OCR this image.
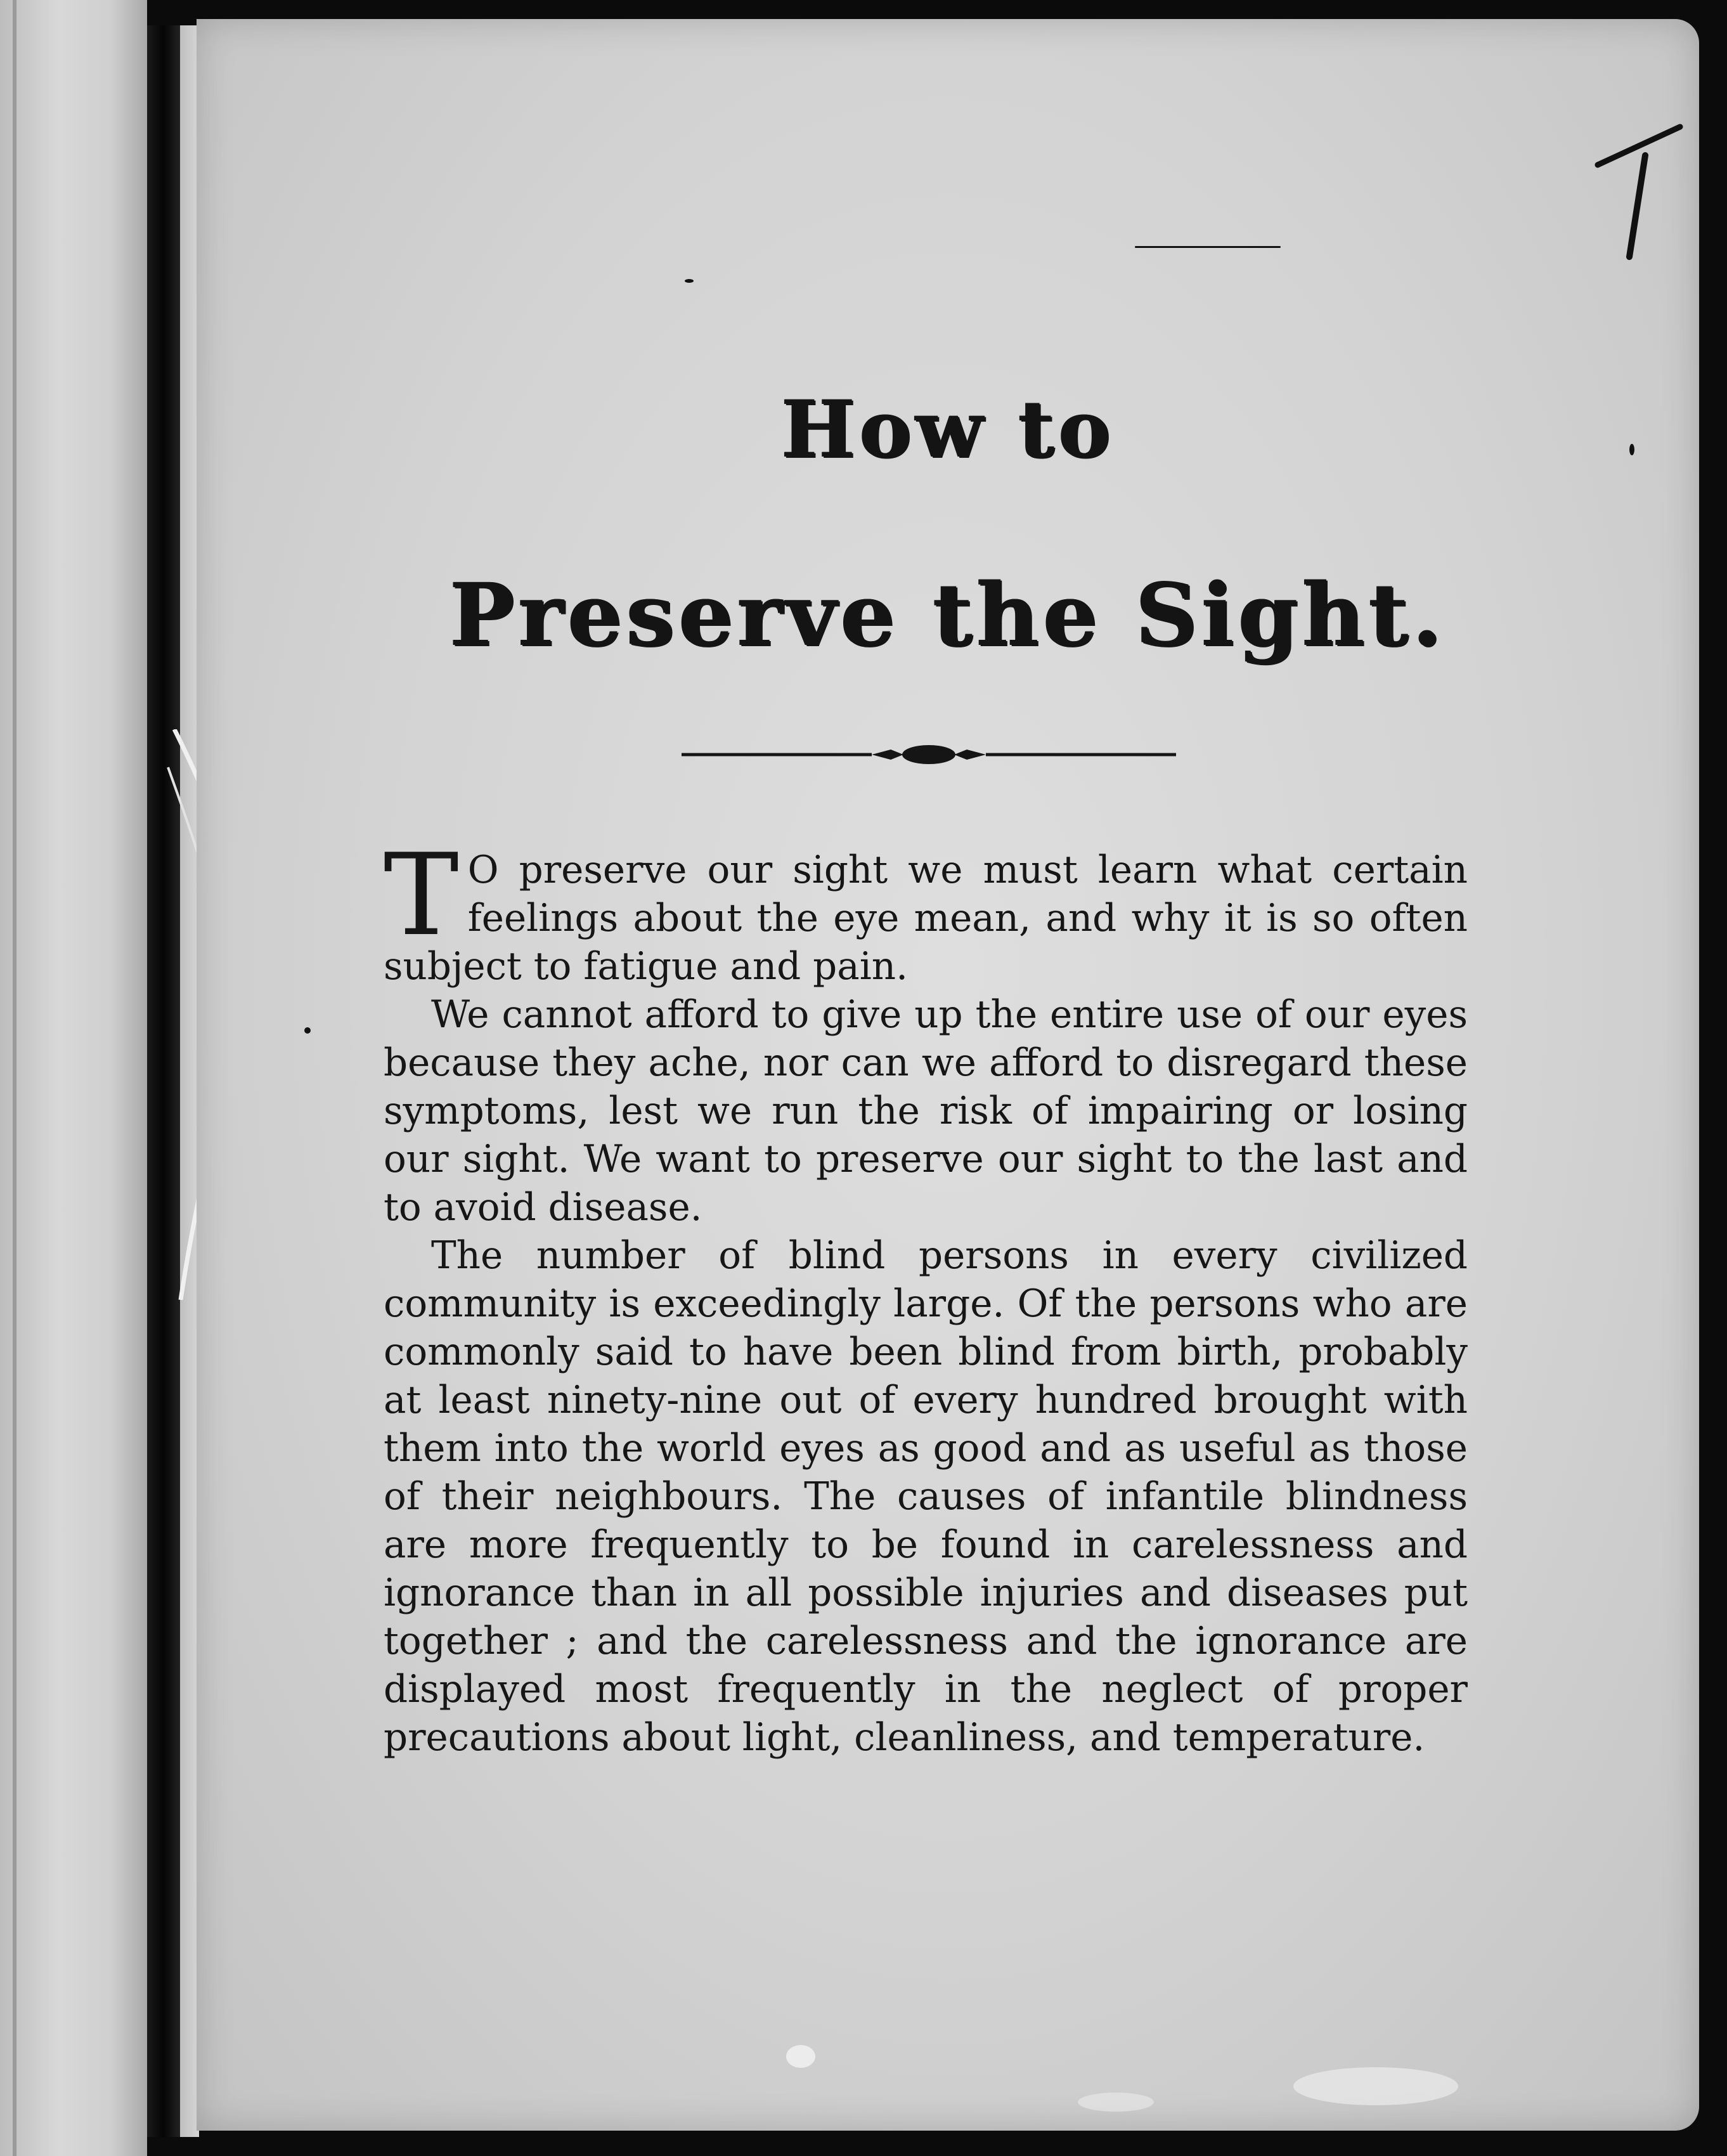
1
How to
Preserve the Sight.

T O preserve our sight we must learn what certain feelings about the eye mean, and why it is so often subject to fatigue and pain.

We cannot afford to give up the entire use of our eyes because they ache, nor can we afford to disregard these symptoms, lest we run the risk of impairing or losing our sight. We want to preserve our sight to the last and to avoid disease.

The number of blind persons in every civilized community is exceedingly large. Of the persons who are commonly said to have been blind from birth, probably at least ninety-nine out of every hundred brought with them into the world eyes as good and as useful as those of their neighbours. The causes of infantile blindness are more frequently to be found in carelessness and ignorance than in all possible injuries and diseases put together ; and the carelessness and the ignorance are displayed most frequently in the neglect of proper precautions about light, cleanliness, and temperature.
